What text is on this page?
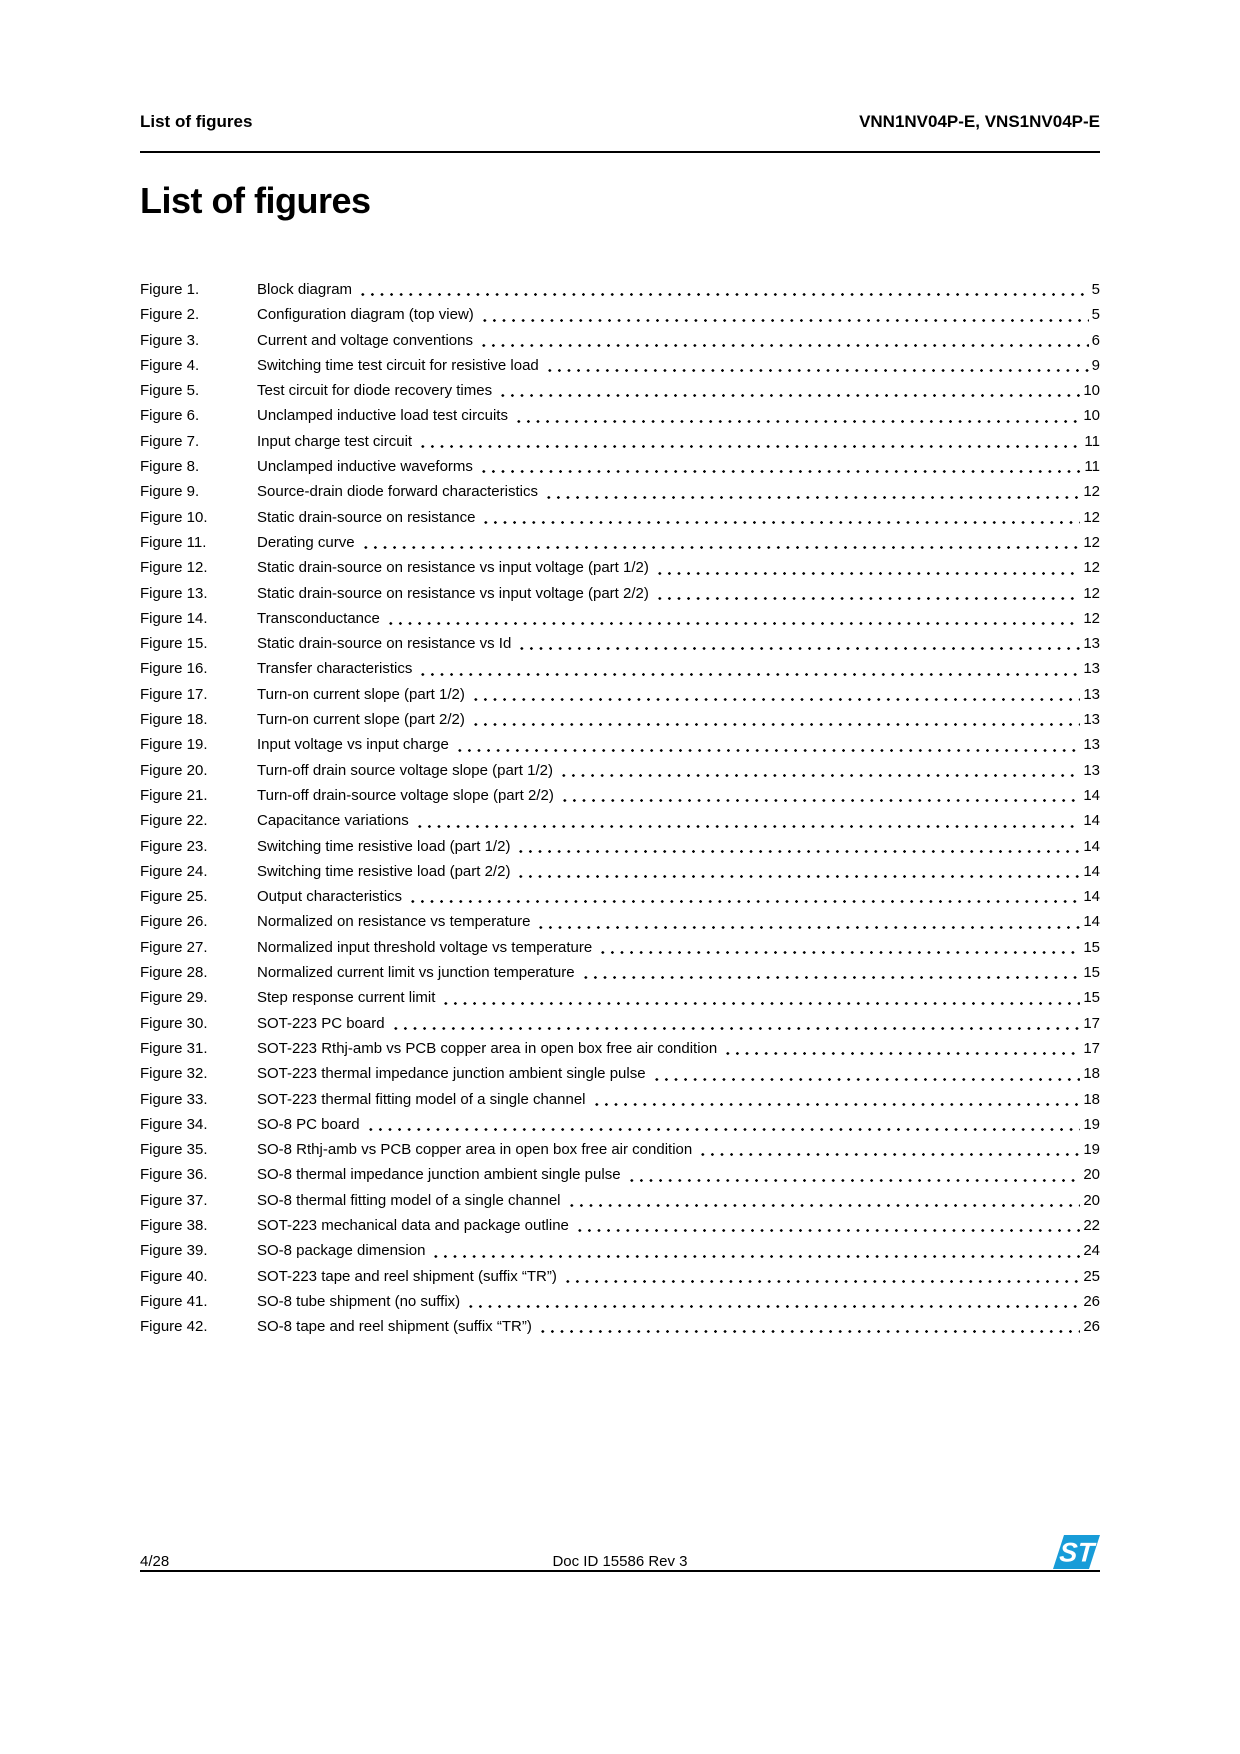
List of figures	VNN1NV04P-E, VNS1NV04P-E
List of figures
Figure 1.	Block diagram	5
Figure 2.	Configuration diagram (top view)	5
Figure 3.	Current and voltage conventions	6
Figure 4.	Switching time test circuit for resistive load	9
Figure 5.	Test circuit for diode recovery times	10
Figure 6.	Unclamped inductive load test circuits	10
Figure 7.	Input charge test circuit	11
Figure 8.	Unclamped inductive waveforms	11
Figure 9.	Source-drain diode forward characteristics	12
Figure 10.	Static drain-source on resistance	12
Figure 11.	Derating curve	12
Figure 12.	Static drain-source on resistance vs input voltage (part 1/2)	12
Figure 13.	Static drain-source on resistance vs input voltage (part 2/2)	12
Figure 14.	Transconductance	12
Figure 15.	Static drain-source on resistance vs Id	13
Figure 16.	Transfer characteristics	13
Figure 17.	Turn-on current slope (part 1/2)	13
Figure 18.	Turn-on current slope (part 2/2)	13
Figure 19.	Input voltage vs input charge	13
Figure 20.	Turn-off drain source voltage slope (part 1/2)	13
Figure 21.	Turn-off drain-source voltage slope (part 2/2)	14
Figure 22.	Capacitance variations	14
Figure 23.	Switching time resistive load (part 1/2)	14
Figure 24.	Switching time resistive load (part 2/2)	14
Figure 25.	Output characteristics	14
Figure 26.	Normalized on resistance vs temperature	14
Figure 27.	Normalized input threshold voltage vs temperature	15
Figure 28.	Normalized current limit vs junction temperature	15
Figure 29.	Step response current limit	15
Figure 30.	SOT-223 PC board	17
Figure 31.	SOT-223 Rthj-amb vs PCB copper area in open box free air condition	17
Figure 32.	SOT-223 thermal impedance junction ambient single pulse	18
Figure 33.	SOT-223 thermal fitting model of a single channel	18
Figure 34.	SO-8 PC board	19
Figure 35.	SO-8 Rthj-amb vs PCB copper area in open box free air condition	19
Figure 36.	SO-8 thermal impedance junction ambient single pulse	20
Figure 37.	SO-8 thermal fitting model of a single channel	20
Figure 38.	SOT-223 mechanical data and package outline	22
Figure 39.	SO-8 package dimension	24
Figure 40.	SOT-223 tape and reel shipment (suffix “TR”)	25
Figure 41.	SO-8 tube shipment (no suffix)	26
Figure 42.	SO-8 tape and reel shipment (suffix “TR”)	26
4/28	Doc ID 15586 Rev 3	ST
